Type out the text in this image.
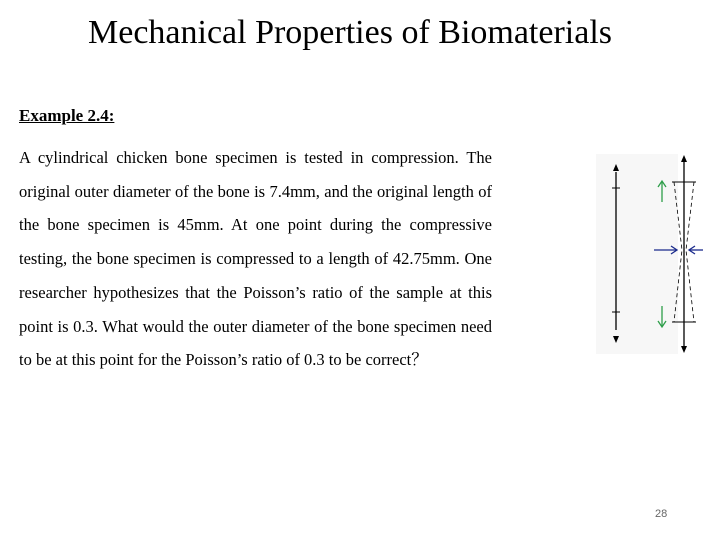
Mechanical Properties of Biomaterials
Example 2.4:

A cylindrical chicken bone specimen is tested in compression. The original outer diameter of the bone is 7.4mm, and the original length of the bone specimen is 45mm. At one point during the compressive testing, the bone specimen is compressed to a length of 42.75mm. One researcher hypothesizes that the Poisson’s ratio of the sample at this point is 0.3. What would the outer diameter of the bone specimen need to be at this point for the Poisson’s ratio of 0.3 to be correct？

28
